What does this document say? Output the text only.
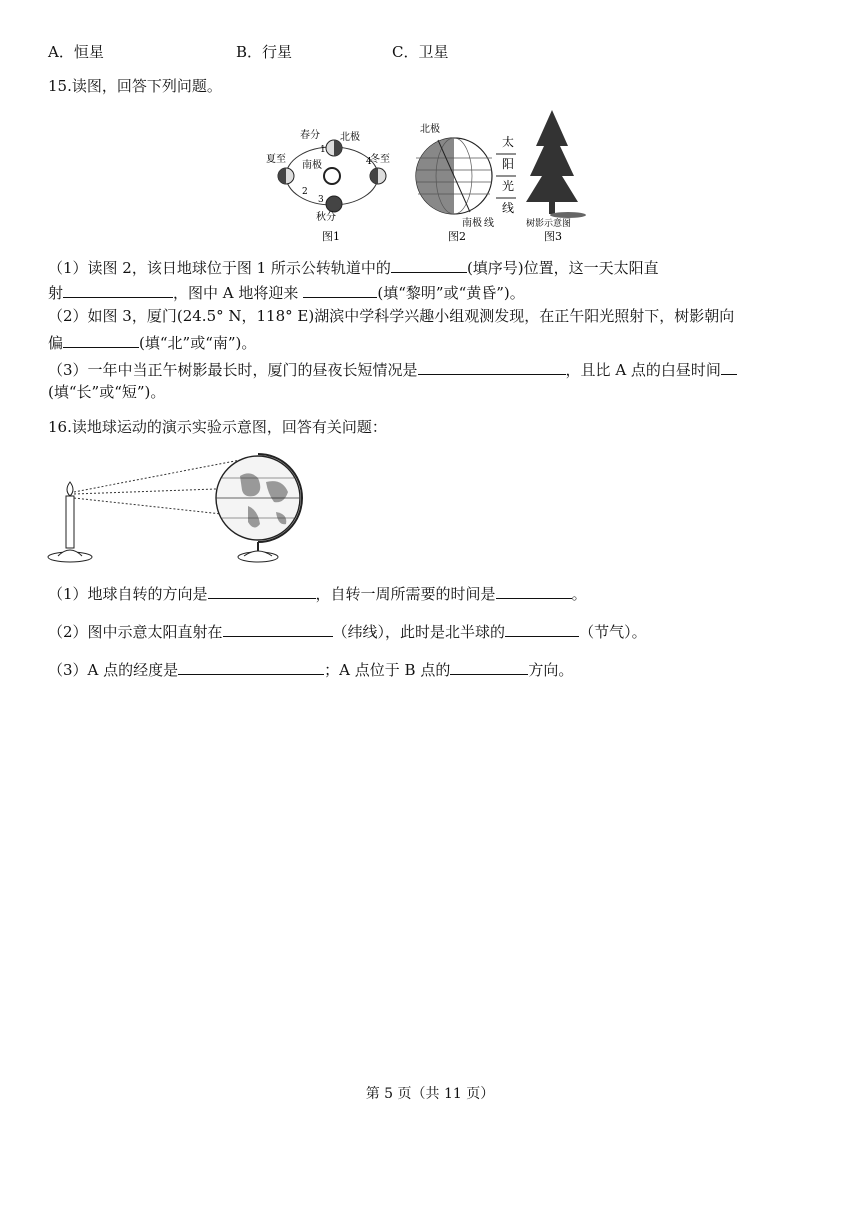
A．恒星	B．行星	C．卫星
15.读图，回答下列问题。
春分 北极
夏至	冬至
南极
秋分
1
2
3
4
图1
北极
南极 线
太
阳
光
线
图2
树影示意图
图3
（1）读图 2，该日地球位于图 1 所示公转轨道中的	(填序号)位置，这一天太阳直
射	，图中 A 地将迎来	(填“黎明”或“黄昏”)。
（2）如图 3，厦门(24.5° N，118° E)湖滨中学科学兴趣小组观测发现，在正午阳光照射下，树影朝向
偏	(填“北”或“南”)。
（3）一年中当正午树影最长时，厦门的昼夜长短情况是	，且比 A 点的白昼时间
(填“长”或“短”)。
16.读地球运动的演示实验示意图，回答有关问题：
（1）地球自转的方向是	，自转一周所需要的时间是	。
（2）图中示意太阳直射在	（纬线），此时是北半球的	（节气）。
（3）A 点的经度是	；A 点位于 B 点的	方向。
第 5 页（共 11 页）
